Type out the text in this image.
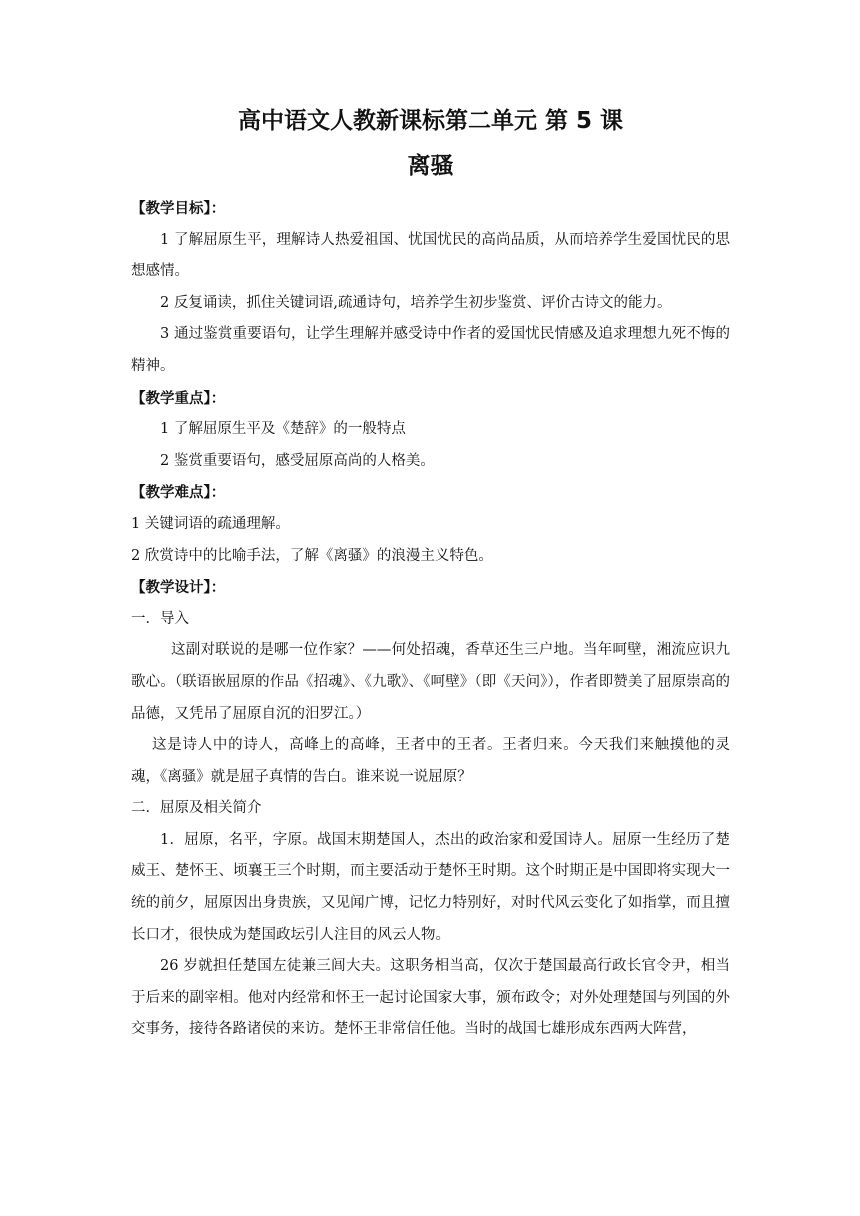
高中语文人教新课标第二单元 第 5 课
离骚

【教学目标】：

1 了解屈原生平，理解诗人热爱祖国、忧国忧民的高尚品质，从而培养学生爱国忧民的思想感情。

2 反复诵读，抓住关键词语,疏通诗句，培养学生初步鉴赏、评价古诗文的能力。

3 通过鉴赏重要语句，让学生理解并感受诗中作者的爱国忧民情感及追求理想九死不悔的精神。

【教学重点】：

1 了解屈原生平及《楚辞》的一般特点

2 鉴赏重要语句，感受屈原高尚的人格美。

【教学难点】：

1 关键词语的疏通理解。

2 欣赏诗中的比喻手法，了解《离骚》的浪漫主义特色。

【教学设计】：

一．导入

这副对联说的是哪一位作家？——何处招魂，香草还生三户地。当年呵壁，湘流应识九歌心。（联语嵌屈原的作品《招魂》、《九歌》、《呵壁》（即《天问》），作者即赞美了屈原崇高的品德，又凭吊了屈原自沉的汨罗江。）

这是诗人中的诗人，高峰上的高峰，王者中的王者。王者归来。今天我们来触摸他的灵魂，《离骚》就是屈子真情的告白。谁来说一说屈原？

二．屈原及相关简介

1．屈原，名平，字原。战国末期楚国人，杰出的政治家和爱国诗人。屈原一生经历了楚威王、楚怀王、顷襄王三个时期，而主要活动于楚怀王时期。这个时期正是中国即将实现大一统的前夕，屈原因出身贵族，又见闻广博，记忆力特别好，对时代风云变化了如指掌，而且擅长口才，很快成为楚国政坛引人注目的风云人物。

26 岁就担任楚国左徒兼三闾大夫。这职务相当高，仅次于楚国最高行政长官令尹，相当于后来的副宰相。他对内经常和怀王一起讨论国家大事，颁布政令；对外处理楚国与列国的外交事务，接待各路诸侯的来访。楚怀王非常信任他。当时的战国七雄形成东西两大阵营，
